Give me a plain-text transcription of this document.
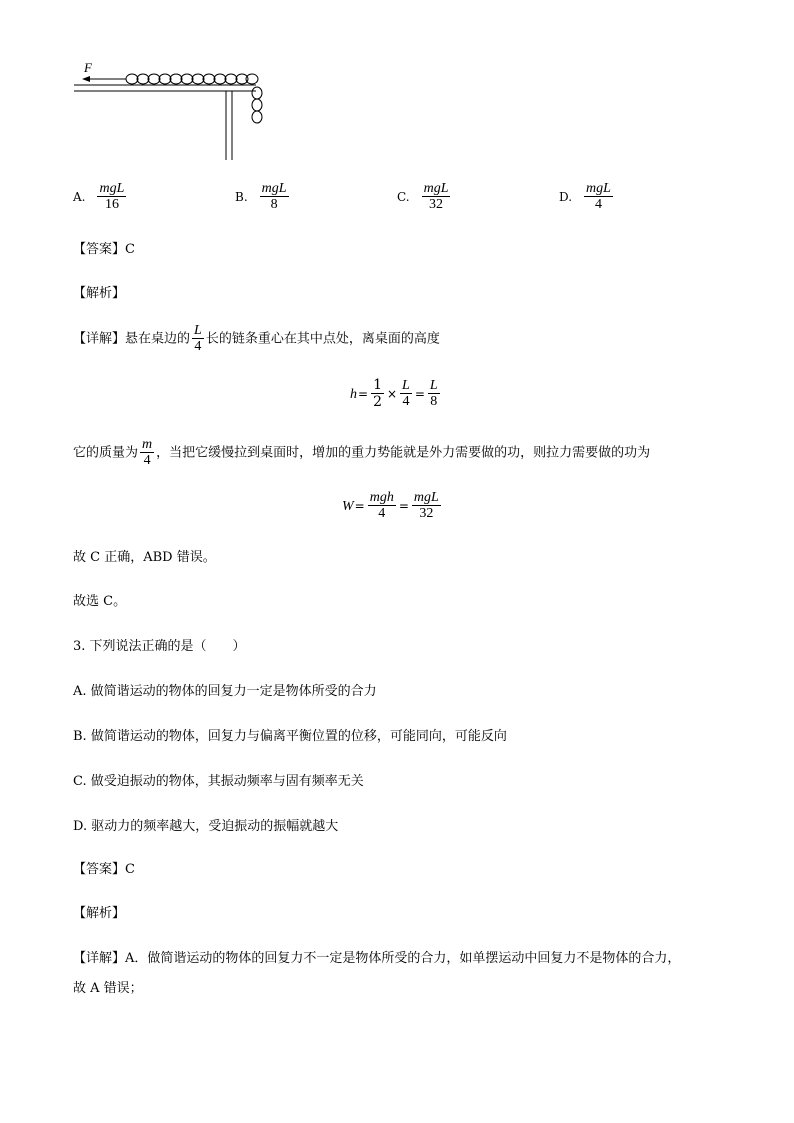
F
A. $\frac{\text{mgL}}{16}$	B. $\frac{\text{mgL}}{8}$	C. $\frac{\text{mgL}}{32}$	D. $\frac{\text{mgL}}{4}$
【答案】C
【解析】
【详解】悬在桌边的 $\frac{L}{4}$ 长的链条重心在其中点处，离桌面的高度
$h= \frac{1}{2} \times \frac{L}{4} = \frac{L}{8}$
它的质量为 $\frac{m}{4}$ ，当把它缓慢拉到桌面时，增加的重力势能就是外力需要做的功，则拉力需要做的功为
$W= \frac{\text{mgh}}{4} = \frac{\text{mgL}}{32}$
故 C 正确，ABD 错误。
故选 C。
3. 下列说法正确的是（　　）
A. 做简谐运动的物体的回复力一定是物体所受的合力
B. 做简谐运动的物体，回复力与偏离平衡位置的位移，可能同向，可能反向
C. 做受迫振动的物体，其振动频率与固有频率无关
D. 驱动力的频率越大，受迫振动的振幅就越大
【答案】C
【解析】
【详解】A．做简谐运动的物体的回复力不一定是物体所受的合力，如单摆运动中回复力不是物体的合力，
故 A 错误；
